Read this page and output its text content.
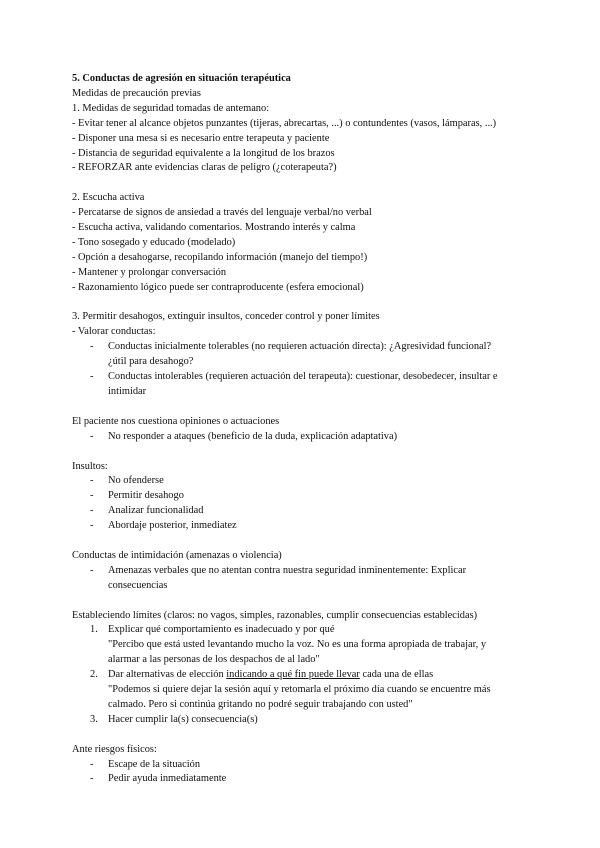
5. Conductas de agresión en situación terapéutica
Medidas de precaución previas
1. Medidas de seguridad tomadas de antemano:
- Evitar tener al alcance objetos punzantes (tijeras, abrecartas, ...) o contundentes (vasos, lámparas, ...)
- Disponer una mesa si es necesario entre terapeuta y paciente
- Distancia de seguridad equivalente a la longitud de los brazos
- REFORZAR ante evidencias claras de peligro (¿coterapeuta?)
2. Escucha activa
- Percatarse de signos de ansiedad a través del lenguaje verbal/no verbal
- Escucha activa, validando comentarios. Mostrando interés y calma
- Tono sosegado y educado (modelado)
- Opción a desahogarse, recopilando información (manejo del tiempo!)
- Mantener y prolongar conversación
- Razonamiento lógico puede ser contraproducente (esfera emocional)
3. Permitir desahogos, extinguir insultos, conceder control y poner límites
- Valorar conductas:
- Conductas inicialmente tolerables (no requieren actuación directa): ¿Agresividad funcional?
¿útil para desahogo?
- Conductas intolerables (requieren actuación del terapeuta): cuestionar, desobedecer, insultar e
intimidar
El paciente nos cuestiona opiniones o actuaciones
- No responder a ataques (beneficio de la duda, explicación adaptativa)
Insultos:
- No ofenderse
- Permitir desahogo
- Analizar funcionalidad
- Abordaje posterior, inmediatez
Conductas de intimidación (amenazas o violencia)
- Amenazas verbales que no atentan contra nuestra seguridad inminentemente: Explicar
consecuencias
Estableciendo límites (claros: no vagos, simples, razonables, cumplir consecuencias establecidas)
1. Explicar qué comportamiento es inadecuado y por qué
"Percibo que está usted levantando mucho la voz. No es una forma apropiada de trabajar, y
alarmar a las personas de los despachos de al lado"
2. Dar alternativas de elección indicando a qué fin puede llevar cada una de ellas
"Podemos si quiere dejar la sesión aquí y retomarla el próximo día cuando se encuentre más
calmado. Pero si continúa gritando no podré seguir trabajando con usted"
3. Hacer cumplir la(s) consecuencia(s)
Ante riesgos físicos:
- Escape de la situación
- Pedir ayuda inmediatamente
